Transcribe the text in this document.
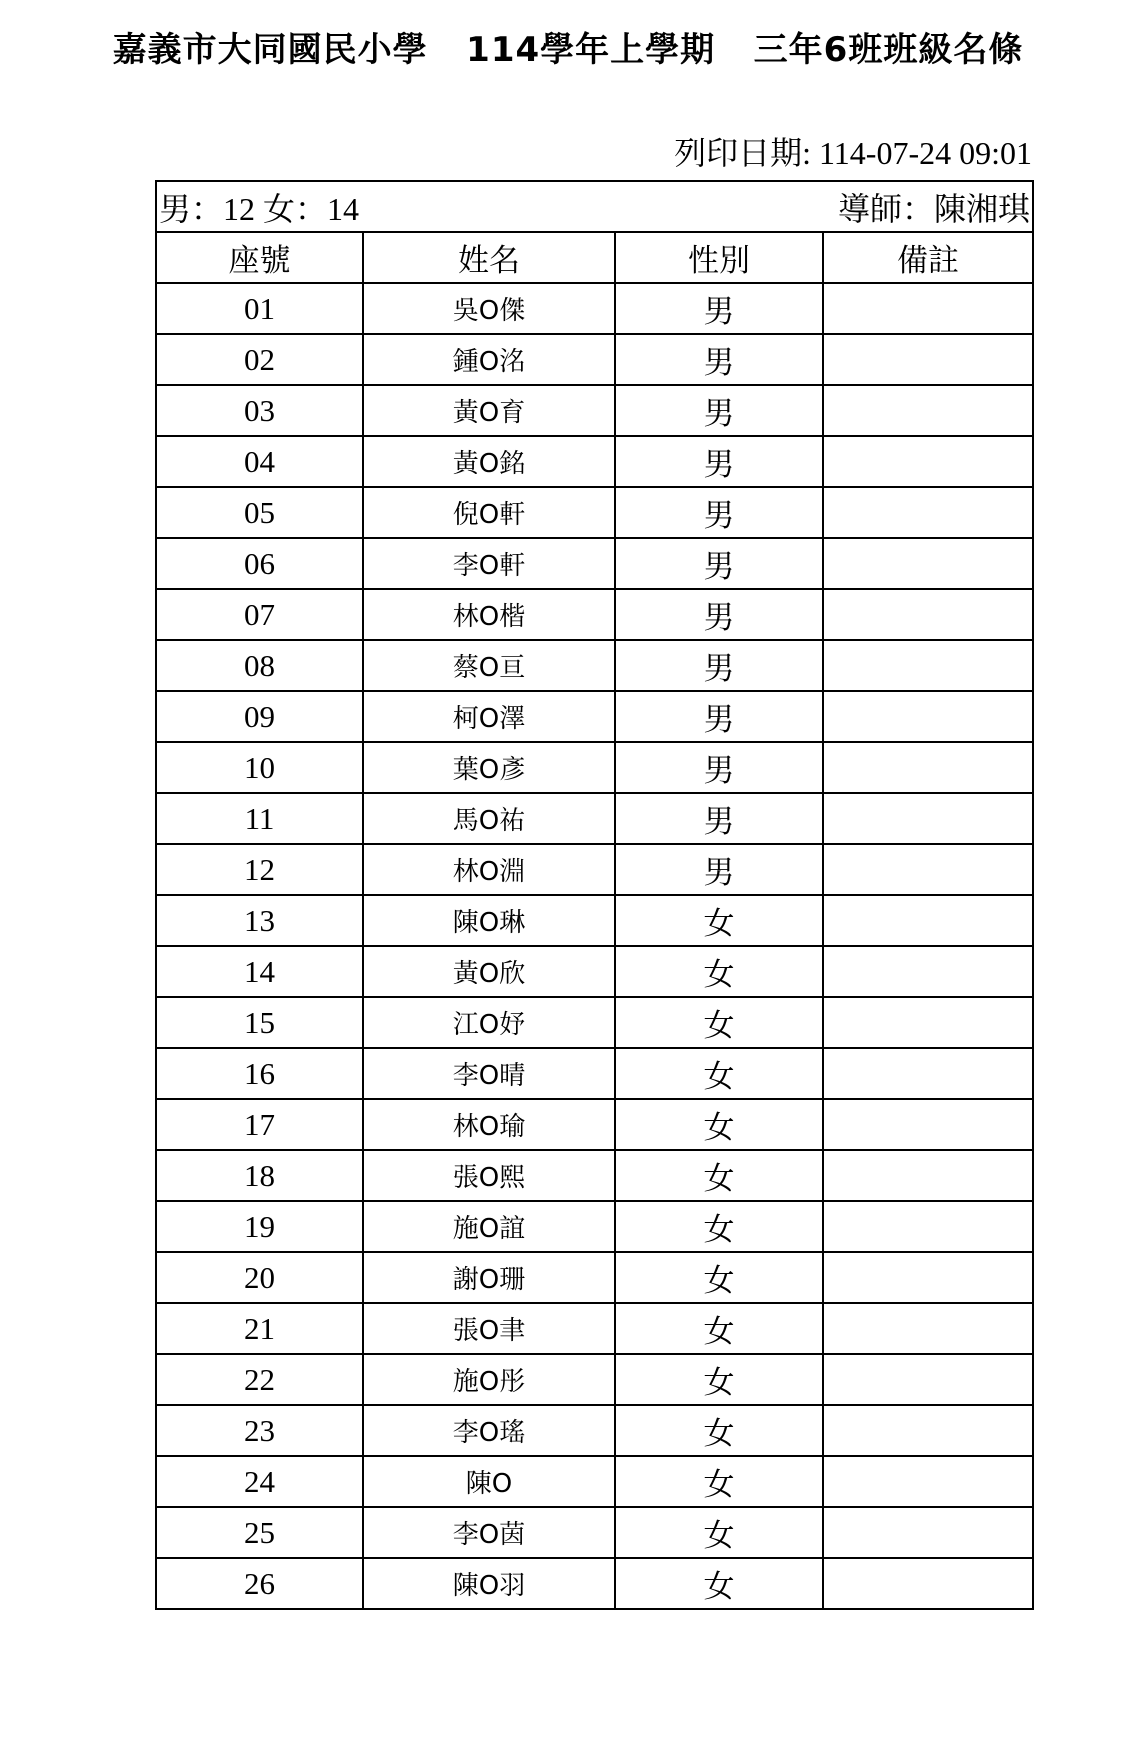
嘉義市大同國民小學   114學年上學期   三年6班班級名條
列印日期: 114-07-24 09:01
男：12 女：14 導師：陳湘琪			

座號	姓名	性別	備註
01	吳O傑	男	
02	鍾O洺	男	
03	黃O育	男	
04	黃O銘	男	
05	倪O軒	男	
06	李O軒	男	
07	林O楷	男	
08	蔡O亘	男	
09	柯O澤	男	
10	葉O彥	男	
11	馬O祐	男	
12	林O淵	男	
13	陳O琳	女	
14	黃O欣	女	
15	江O妤	女	
16	李O晴	女	
17	林O瑜	女	
18	張O熙	女	
19	施O誼	女	
20	謝O珊	女	
21	張O聿	女	
22	施O彤	女	
23	李O瑤	女	
24	陳O	女	
25	李O茵	女	
26	陳O羽	女	
